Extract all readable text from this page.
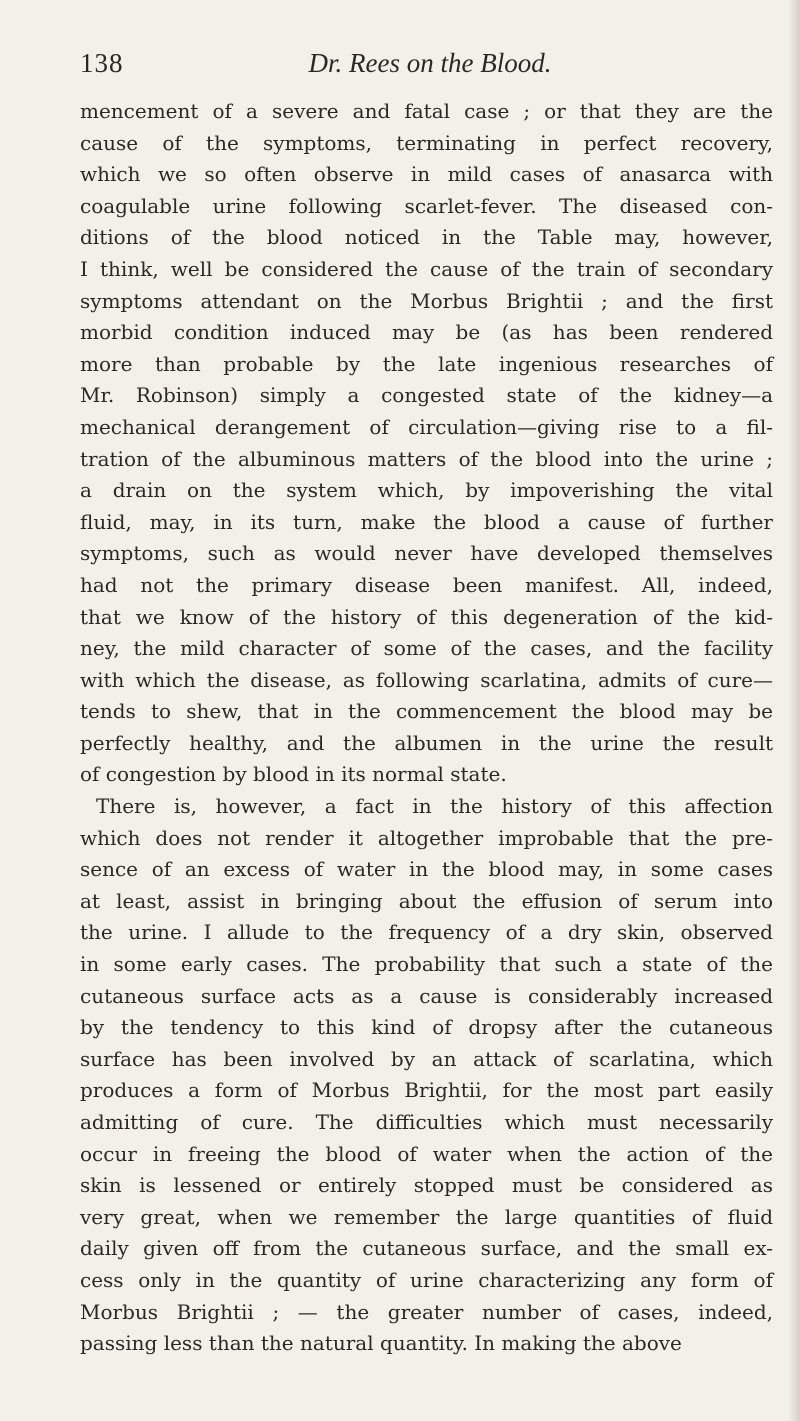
138	Dr. Rees on the Blood.
mencement of a severe and fatal case ; or that they are the
cause of the symptoms, terminating in perfect recovery,
which we so often observe in mild cases of anasarca with
coagulable urine following scarlet-fever. The diseased con-
ditions of the blood noticed in the Table may, however,
I think, well be considered the cause of the train of secondary
symptoms attendant on the Morbus Brightii ; and the first
morbid condition induced may be (as has been rendered
more than probable by the late ingenious researches of
Mr. Robinson) simply a congested state of the kidney—a
mechanical derangement of circulation—giving rise to a fil-
tration of the albuminous matters of the blood into the urine ;
a drain on the system which, by impoverishing the vital
fluid, may, in its turn, make the blood a cause of further
symptoms, such as would never have developed themselves
had not the primary disease been manifest. All, indeed,
that we know of the history of this degeneration of the kid-
ney, the mild character of some of the cases, and the facility
with which the disease, as following scarlatina, admits of cure—
tends to shew, that in the commencement the blood may be
perfectly healthy, and the albumen in the urine the result
of congestion by blood in its normal state.
There is, however, a fact in the history of this affection
which does not render it altogether improbable that the pre-
sence of an excess of water in the blood may, in some cases
at least, assist in bringing about the effusion of serum into
the urine. I allude to the frequency of a dry skin, observed
in some early cases. The probability that such a state of the
cutaneous surface acts as a cause is considerably increased
by the tendency to this kind of dropsy after the cutaneous
surface has been involved by an attack of scarlatina, which
produces a form of Morbus Brightii, for the most part easily
admitting of cure. The difficulties which must necessarily
occur in freeing the blood of water when the action of the
skin is lessened or entirely stopped must be considered as
very great, when we remember the large quantities of fluid
daily given off from the cutaneous surface, and the small ex-
cess only in the quantity of urine characterizing any form of
Morbus Brightii ; — the greater number of cases, indeed,
passing less than the natural quantity. In making the above
